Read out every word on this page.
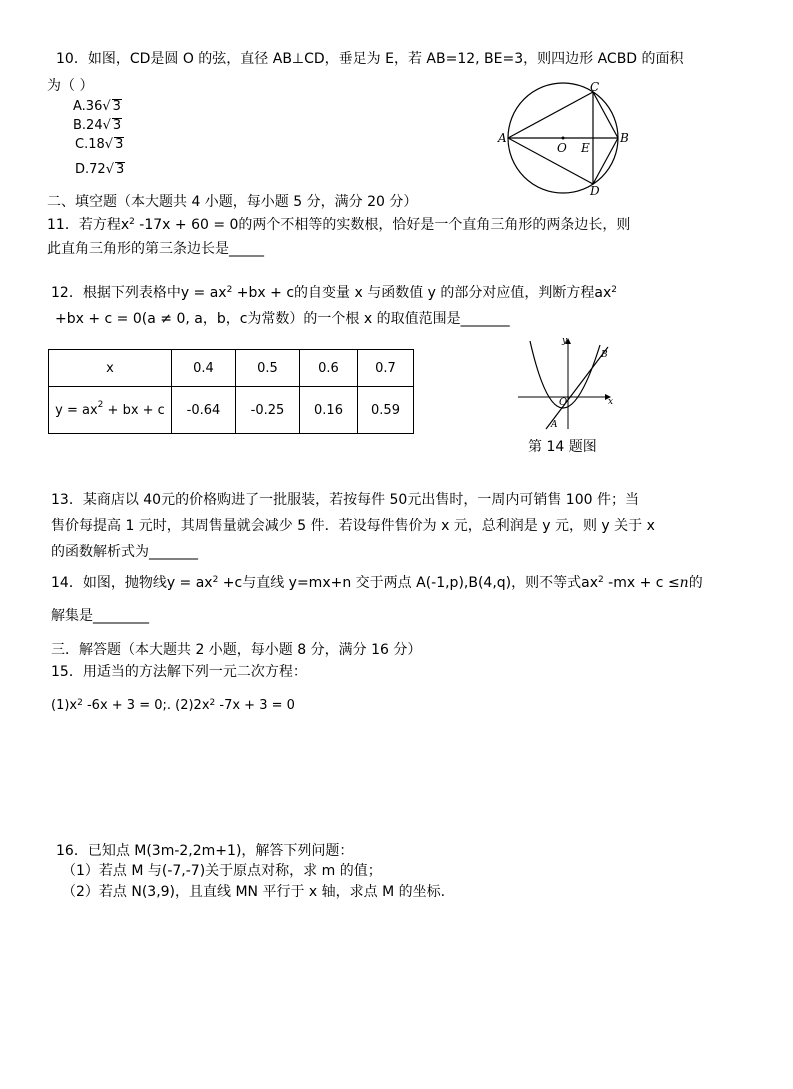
10．如图，CD是圆 O 的弦，直径 AB⊥CD，垂足为 E，若 AB=12, BE=3，则四边形 ACBD 的面积
为（ ）
A.36√ 3
B.24√ 3
C.18√ 3
D.72√ 3
A	B
C
D
O E
二、填空题（本大题共 4 小题，每小题 5 分，满分 20 分）
11．若方程$x^2$ -17x + 60 = 0的两个不相等的实数根，恰好是一个直角三角形的两条边长，则
此直角三角形的第三条边长是_____
12．根据下列表格中$y = ax^2 +bx + c$的自变量 x 与函数值 y 的部分对应值，判断方程$ax^2$
+bx + c = 0(a ≠ 0, a，b，c为常数）的一个根 x 的取值范围是_______
x	0.4	0.5	0.6	0.7
$y = ax^2$ + bx + c	-0.64	-0.25	0.16	0.59
y
x
O
A
B
第 14 题图
13．某商店以 40元的价格购进了一批服装，若按每件 50元出售时，一周内可销售 100 件；当
售价每提高 1 元时，其周售量就会减少 5 件．若设每件售价为 x 元，总利润是 y 元，则 y 关于 x
的函数解析式为_______
14．如图，抛物线$y = ax^2 +c$与直线 y=mx+n 交于两点 A(-1,p),B(4,q)，则不等式$ax^2$ -mx + c ≤n的
解集是________
三．解答题（本大题共 2 小题，每小题 8 分，满分 16 分）
15．用适当的方法解下列一元二次方程：
$(1)x^2$ -6x + 3 = 0;. $(2)2x^2$ -7x + 3 = 0
16．已知点 M(3m-2,2m+1)，解答下列问题：
（1）若点 M 与(-7,-7)关于原点对称，求 m 的值；
（2）若点 N(3,9)，且直线 MN 平行于 x 轴，求点 M 的坐标.
